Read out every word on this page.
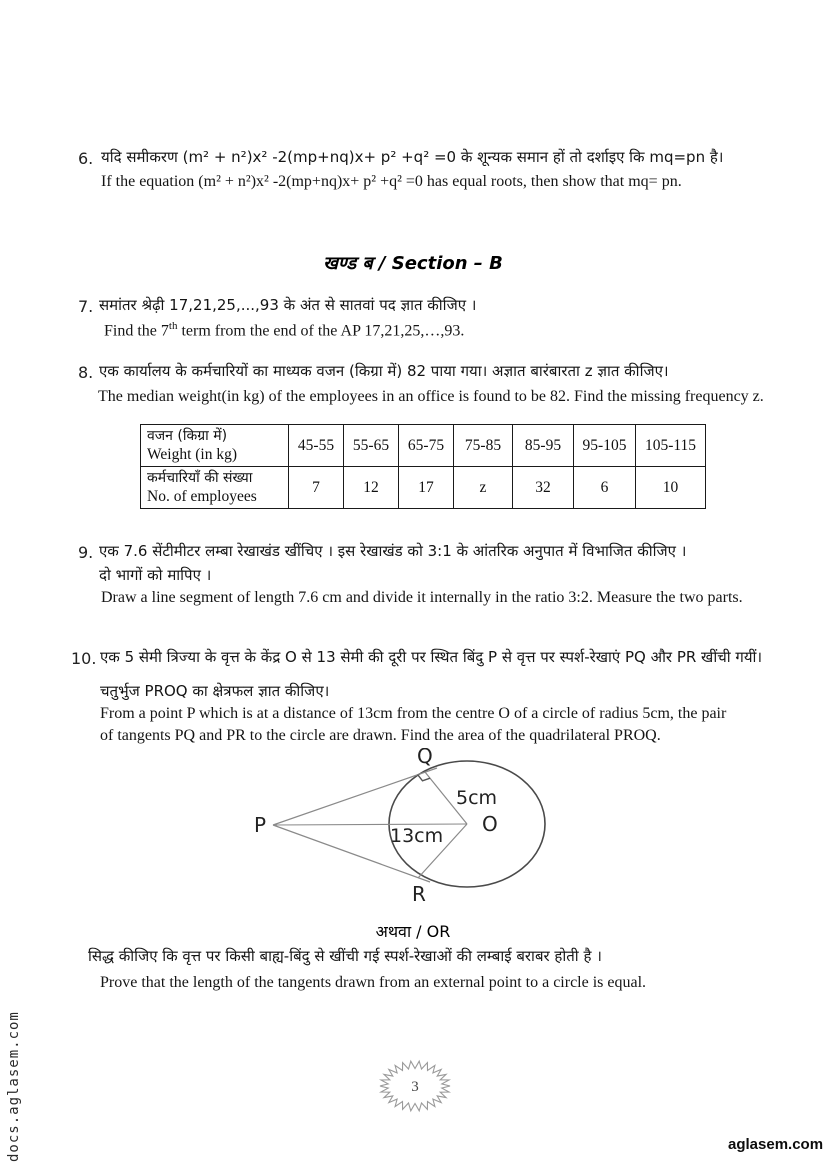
6. यदि समीकरण (m² + n²)x² -2(mp+nq)x+ p² +q² =0 के शून्यक समान हों तो दर्शाइए कि mq=pn है।
If the equation (m² + n²)x² -2(mp+nq)x+ p² +q² =0 has equal roots, then show that mq= pn.
खण्ड ब / Section – B
7. समांतर श्रेढ़ी 17,21,25,...,93 के अंत से सातवां पद ज्ञात कीजिए ।
Find the 7th term from the end of the AP 17,21,25,…,93.
8. एक कार्यालय के कर्मचारियों का माध्यक वजन (किग्रा में) 82 पाया गया। अज्ञात बारंबारता z ज्ञात कीजिए।
The median weight(in kg) of the employees in an office is found to be 82. Find the missing frequency z.
वजन (किग्रा में)
Weight (in kg)	45-55	55-65	65-75	75-85	85-95	95-105	105-115

कर्मचारियाँ की संख्या
No. of employees	7	12	17	z	32	6	10
9. एक 7.6 सेंटीमीटर लम्बा रेखाखंड खींचिए । इस रेखाखंड को 3:1 के आंतरिक अनुपात में विभाजित कीजिए ।
दो भागों को मापिए ।
Draw a line segment of length 7.6 cm and divide it internally in the ratio 3:2. Measure the two parts.
10. एक 5 सेमी त्रिज्या के वृत्त के केंद्र O से 13 सेमी की दूरी पर स्थित बिंदु P से वृत्त पर स्पर्श-रेखाएं PQ और PR खींची गयीं।
चतुर्भुज PROQ का क्षेत्रफल ज्ञात कीजिए।
From a point P which is at a distance of 13cm from the centre O of a circle of radius 5cm, the pair
of tangents PQ and PR to the circle are drawn. Find the area of the quadrilateral PROQ.
P
Q
R
O
5cm
13cm
अथवा / OR
सिद्ध कीजिए कि वृत्त पर किसी बाह्य-बिंदु से खींची गई स्पर्श-रेखाओं की लम्बाई बराबर होती है ।
Prove that the length of the tangents drawn from an external point to a circle is equal.
3
docs.aglasem.com	aglasem.com
